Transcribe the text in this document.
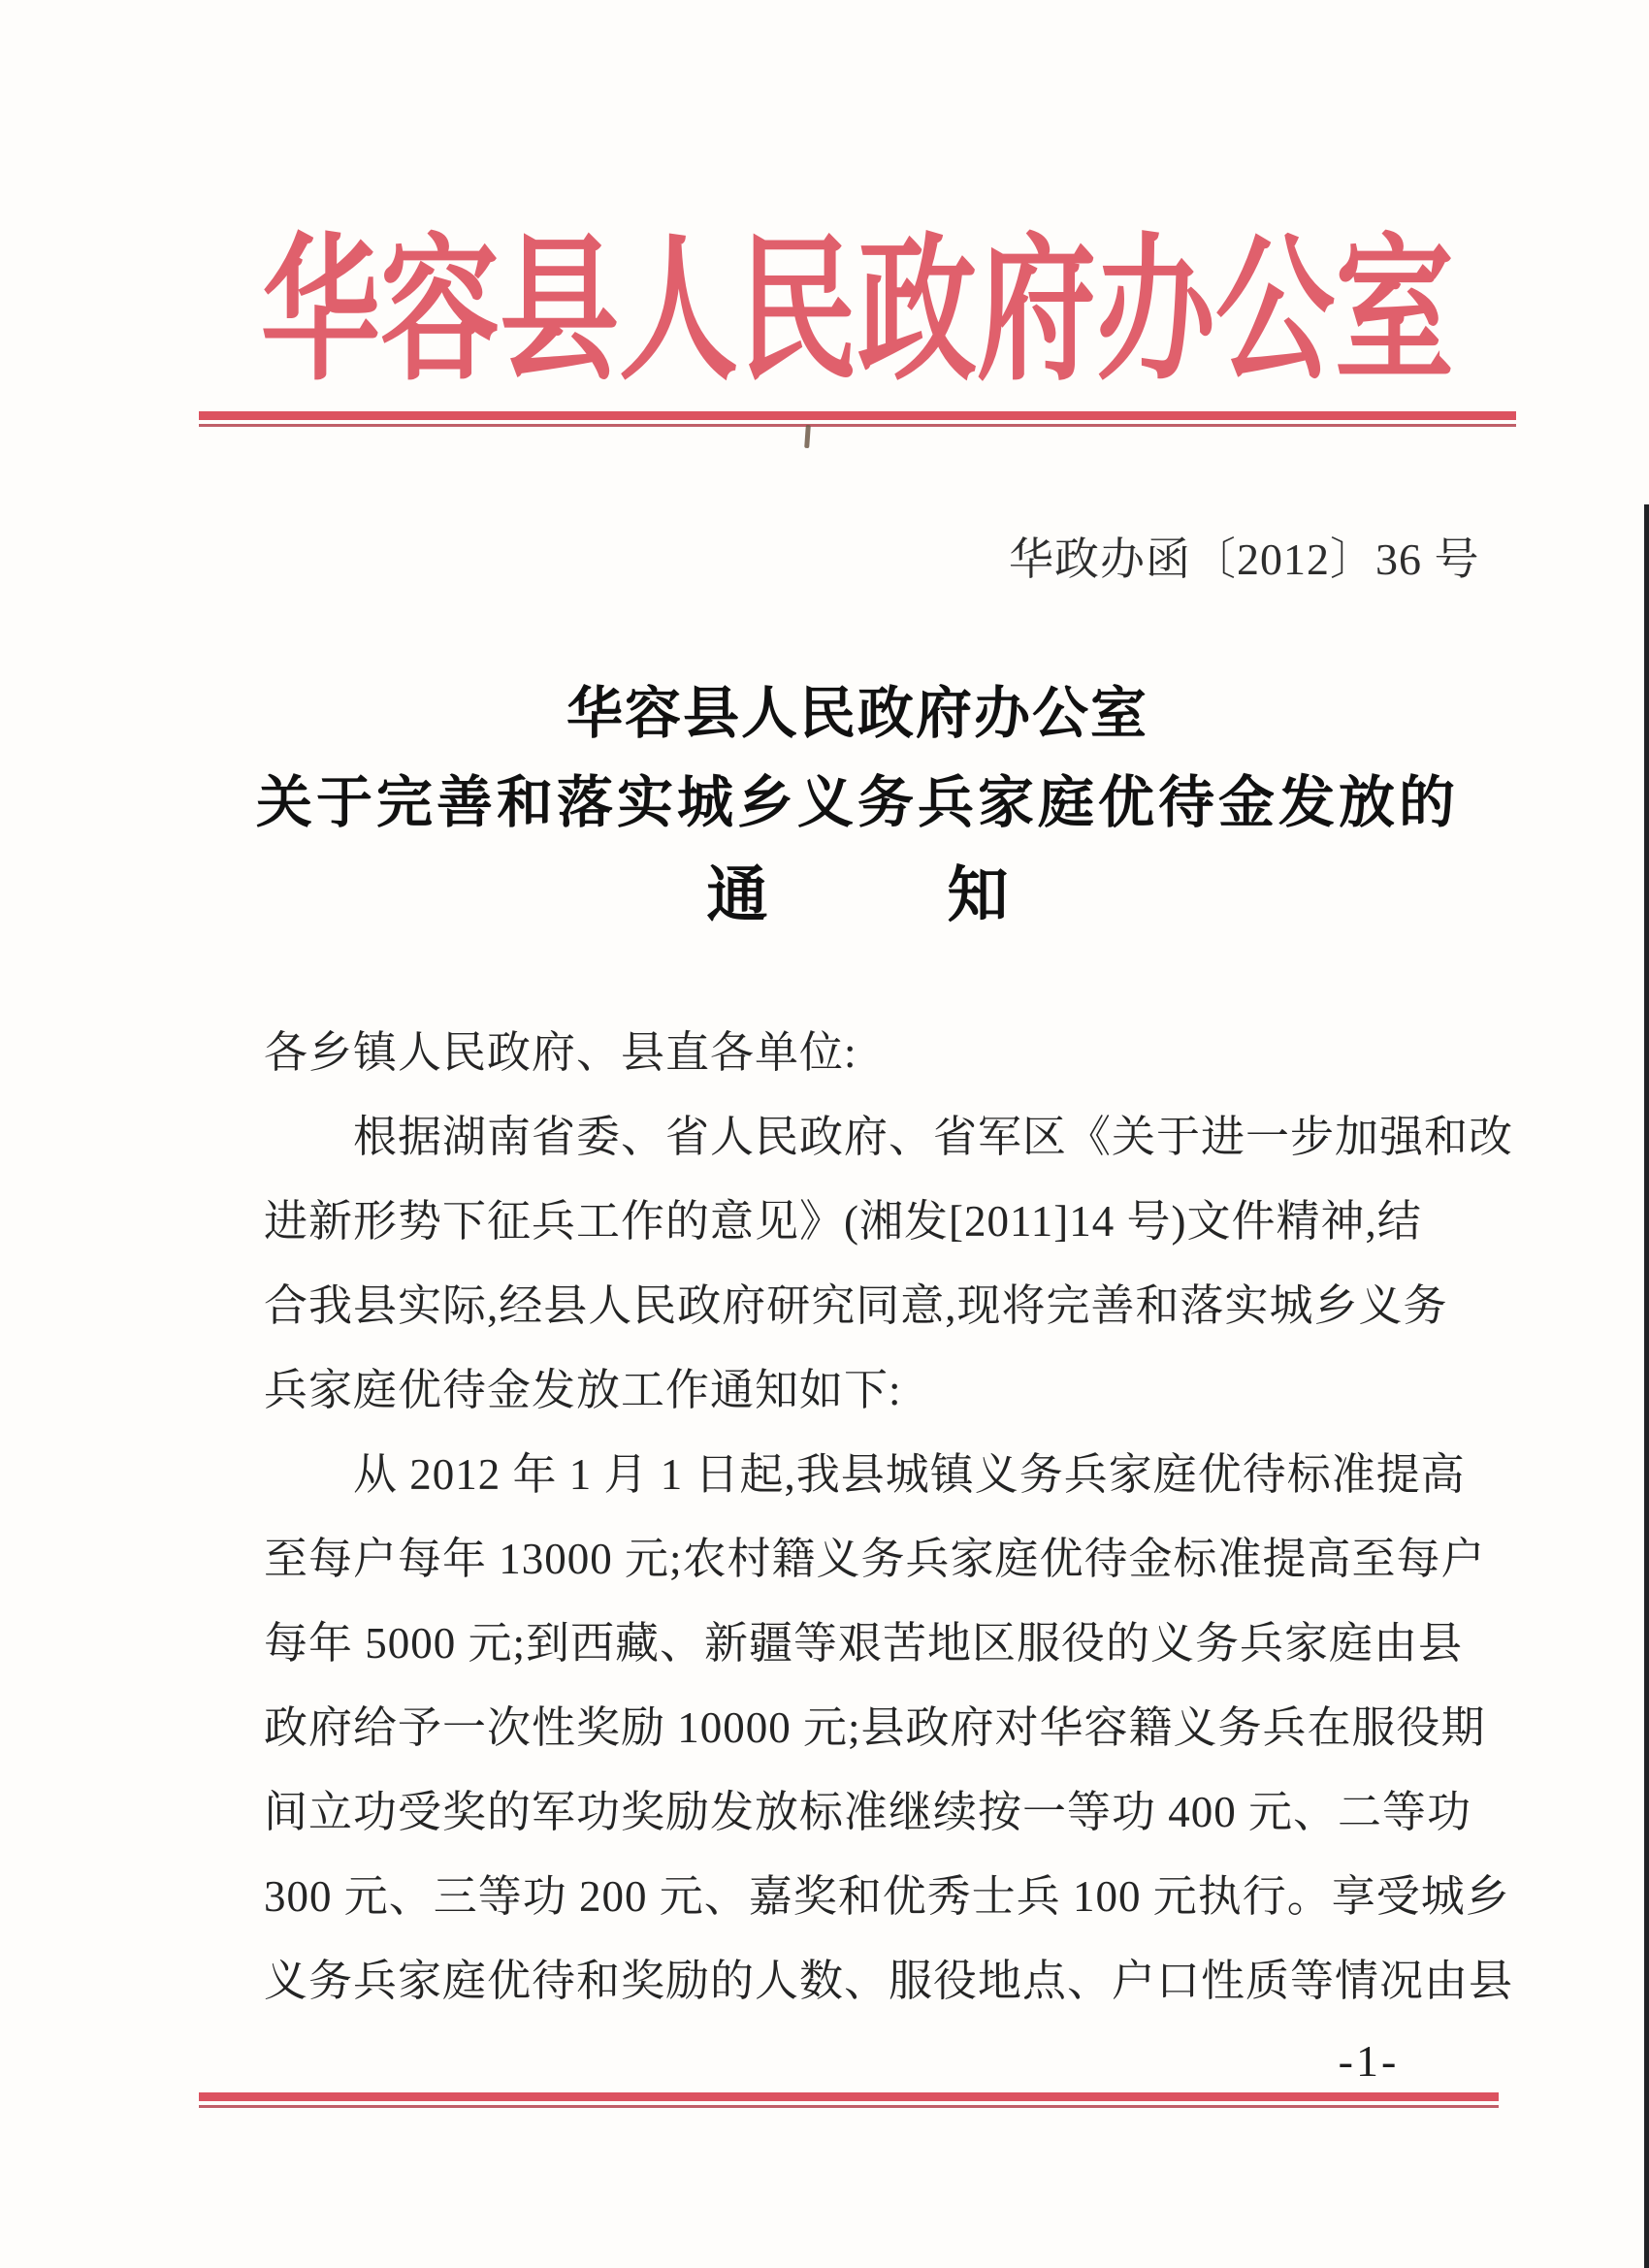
华容县人民政府办公室
华政办函〔2012〕36 号
华容县人民政府办公室
关于完善和落实城乡义务兵家庭优待金发放的
通	知
各乡镇人民政府、县直各单位:
根据湖南省委、省人民政府、省军区《关于进一步加强和改
进新形势下征兵工作的意见》(湘发[2011]14 号)文件精神,结
合我县实际,经县人民政府研究同意,现将完善和落实城乡义务
兵家庭优待金发放工作通知如下:
从 2012 年 1 月 1 日起,我县城镇义务兵家庭优待标准提高
至每户每年 13000 元;农村籍义务兵家庭优待金标准提高至每户
每年 5000 元;到西藏、新疆等艰苦地区服役的义务兵家庭由县
政府给予一次性奖励 10000 元;县政府对华容籍义务兵在服役期
间立功受奖的军功奖励发放标准继续按一等功 400 元、二等功
300 元、三等功 200 元、嘉奖和优秀士兵 100 元执行。享受城乡
义务兵家庭优待和奖励的人数、服役地点、户口性质等情况由县
-1-
